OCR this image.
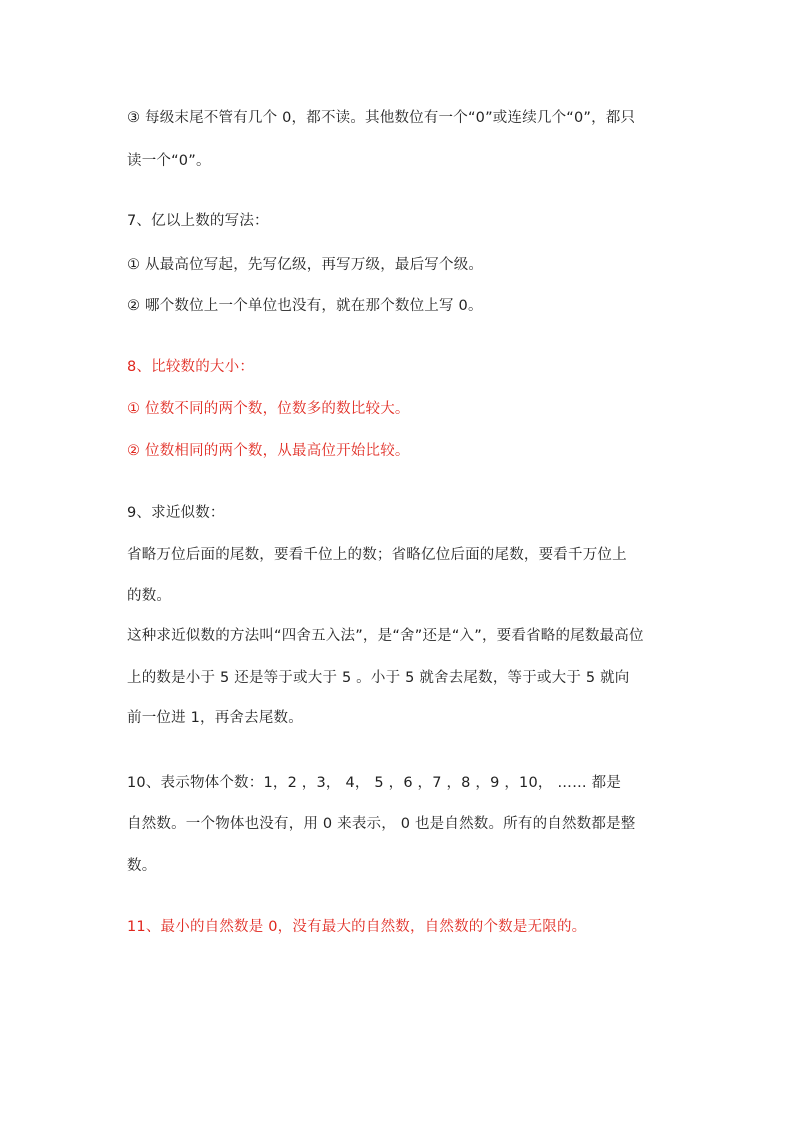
③ 每级末尾不管有几个 0，都不读。其他数位有一个“0”或连续几个“0”，都只
读一个“0”。
7、亿以上数的写法：
① 从最高位写起，先写亿级，再写万级，最后写个级。
② 哪个数位上一个单位也没有，就在那个数位上写 0。
8、比较数的大小：
① 位数不同的两个数，位数多的数比较大。
② 位数相同的两个数，从最高位开始比较。
9、求近似数：
省略万位后面的尾数，要看千位上的数；省略亿位后面的尾数，要看千万位上
的数。
这种求近似数的方法叫“四舍五入法”，是“舍”还是“入”，要看省略的尾数最高位
上的数是小于 5 还是等于或大于 5 。小于 5 就舍去尾数，等于或大于 5 就向
前一位进 1，再舍去尾数。
10、表示物体个数：1，2 ，3， 4， 5 ，6 ，7 ，8 ，9 ，10， …… 都是
自然数。一个物体也没有，用 0 来表示， 0 也是自然数。所有的自然数都是整
数。
11、最小的自然数是 0，没有最大的自然数，自然数的个数是无限的。
